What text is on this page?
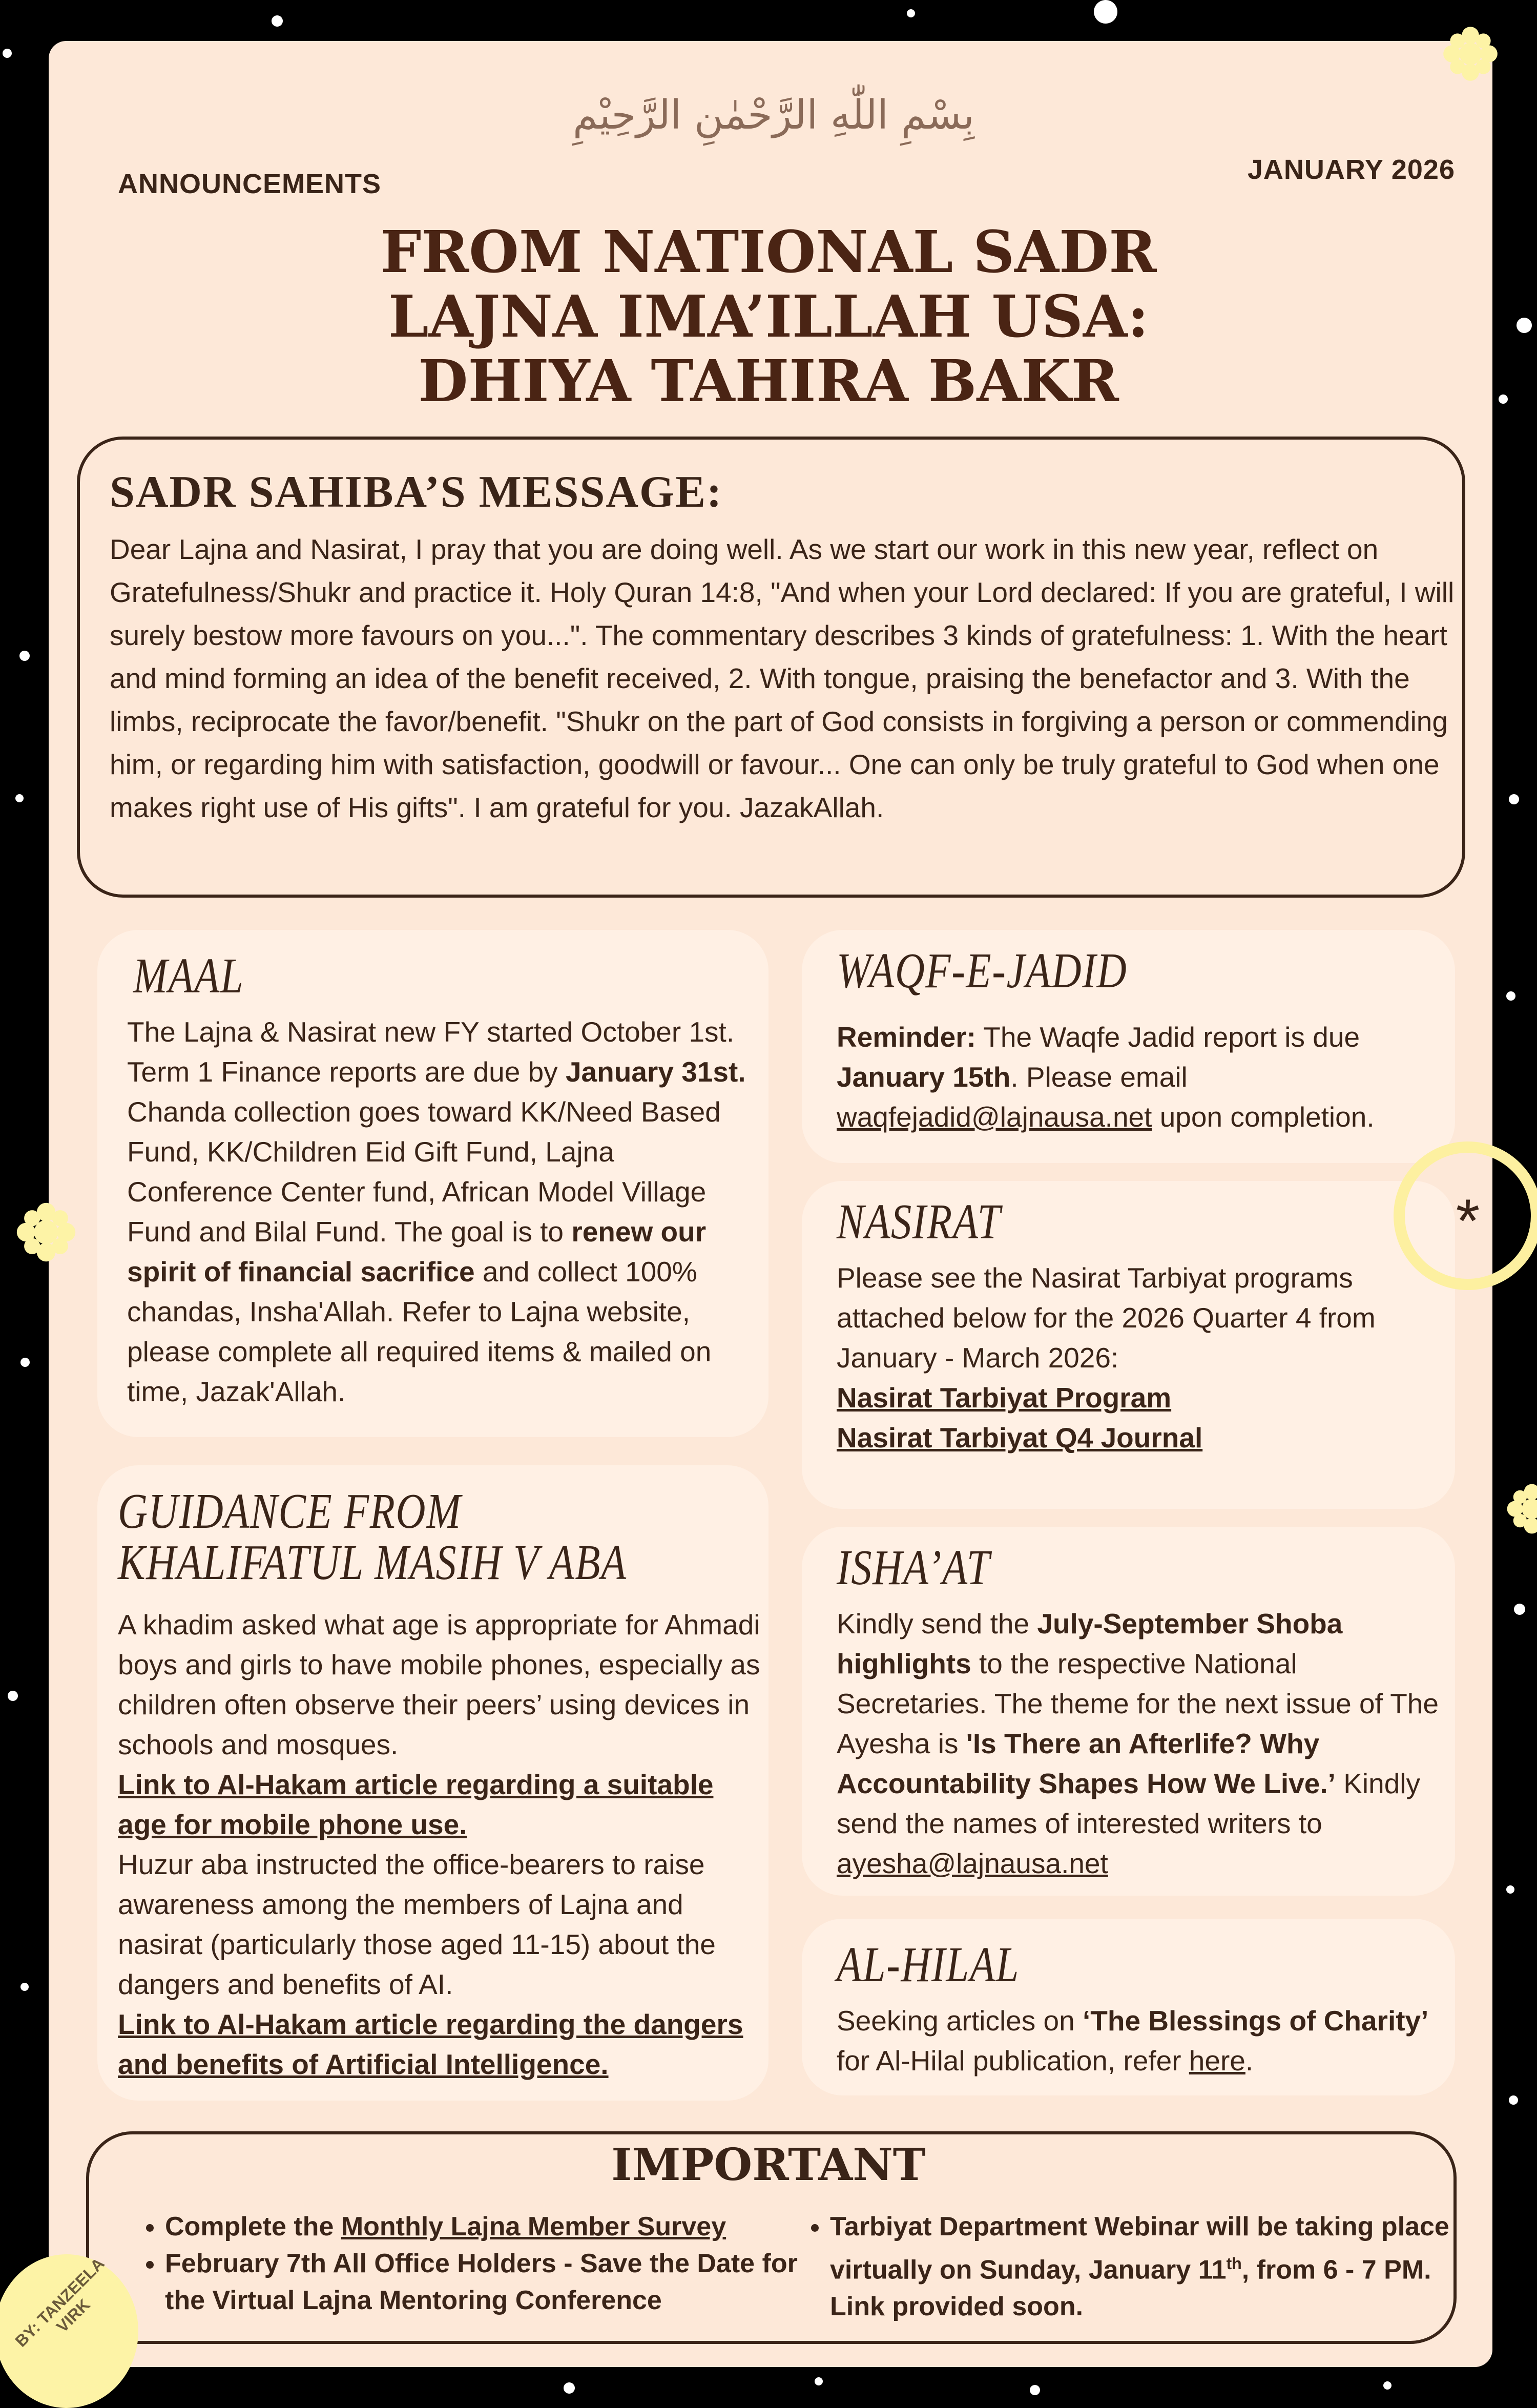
بِسْمِ اللّٰهِ الرَّحْمٰنِ الرَّحِيْمِ
ANNOUNCEMENTS	JANUARY 2026
FROM NATIONAL SADR
LAJNA IMA’ILLAH USA:
DHIYA TAHIRA BAKR
SADR SAHIBA’S MESSAGE:
Dear Lajna and Nasirat, I pray that you are doing well. As we start our work in this new year, reflect on Gratefulness/Shukr and practice it. Holy Quran 14:8, "And when your Lord declared: If you are grateful, I will surely bestow more favours on you...". The commentary describes 3 kinds of gratefulness: 1. With the heart and mind forming an idea of the benefit received, 2. With tongue, praising the benefactor and 3. With the limbs, reciprocate the favor/benefit. "Shukr on the part of God consists in forgiving a person or commending him, or regarding him with satisfaction, goodwill or favour... One can only be truly grateful to God when one makes right use of His gifts". I am grateful for you. JazakAllah.
MAAL
The Lajna & Nasirat new FY started October 1st. Term 1 Finance reports are due by January 31st. Chanda collection goes toward KK/Need Based Fund, KK/Children Eid Gift Fund, Lajna Conference Center fund, African Model Village Fund and Bilal Fund. The goal is to renew our spirit of financial sacrifice and collect 100% chandas, Insha'Allah. Refer to Lajna website, please complete all required items & mailed on time, Jazak'Allah.
GUIDANCE FROM
KHALIFATUL MASIH V ABA
A khadim asked what age is appropriate for Ahmadi boys and girls to have mobile phones, especially as children often observe their peers’ using devices in schools and mosques.
Link to Al-Hakam article regarding a suitable age for mobile phone use.
Huzur aba instructed the office-bearers to raise awareness among the members of Lajna and nasirat (particularly those aged 11-15) about the dangers and benefits of AI.
Link to Al-Hakam article regarding the dangers and benefits of Artificial Intelligence.
WAQF-E-JADID
Reminder: The Waqfe Jadid report is due January 15th. Please email waqfejadid@lajnausa.net upon completion.
NASIRAT
Please see the Nasirat Tarbiyat programs attached below for the 2026 Quarter 4 from January - March 2026:
Nasirat Tarbiyat Program
Nasirat Tarbiyat Q4 Journal
ISHA’AT
Kindly send the July-September Shoba highlights to the respective National Secretaries. The theme for the next issue of The Ayesha is 'Is There an Afterlife? Why Accountability Shapes How We Live.’ Kindly send the names of interested writers to ayesha@lajnausa.net
AL-HILAL
Seeking articles on ‘The Blessings of Charity’ for Al-Hilal publication, refer here.
*
IMPORTANT
• Complete the Monthly Lajna Member Survey
• February 7th All Office Holders - Save the Date for the Virtual Lajna Mentoring Conference
• Tarbiyat Department Webinar will be taking place virtually on Sunday, January 11th, from 6 - 7 PM. Link provided soon.
BY: TANZEELA VIRK
